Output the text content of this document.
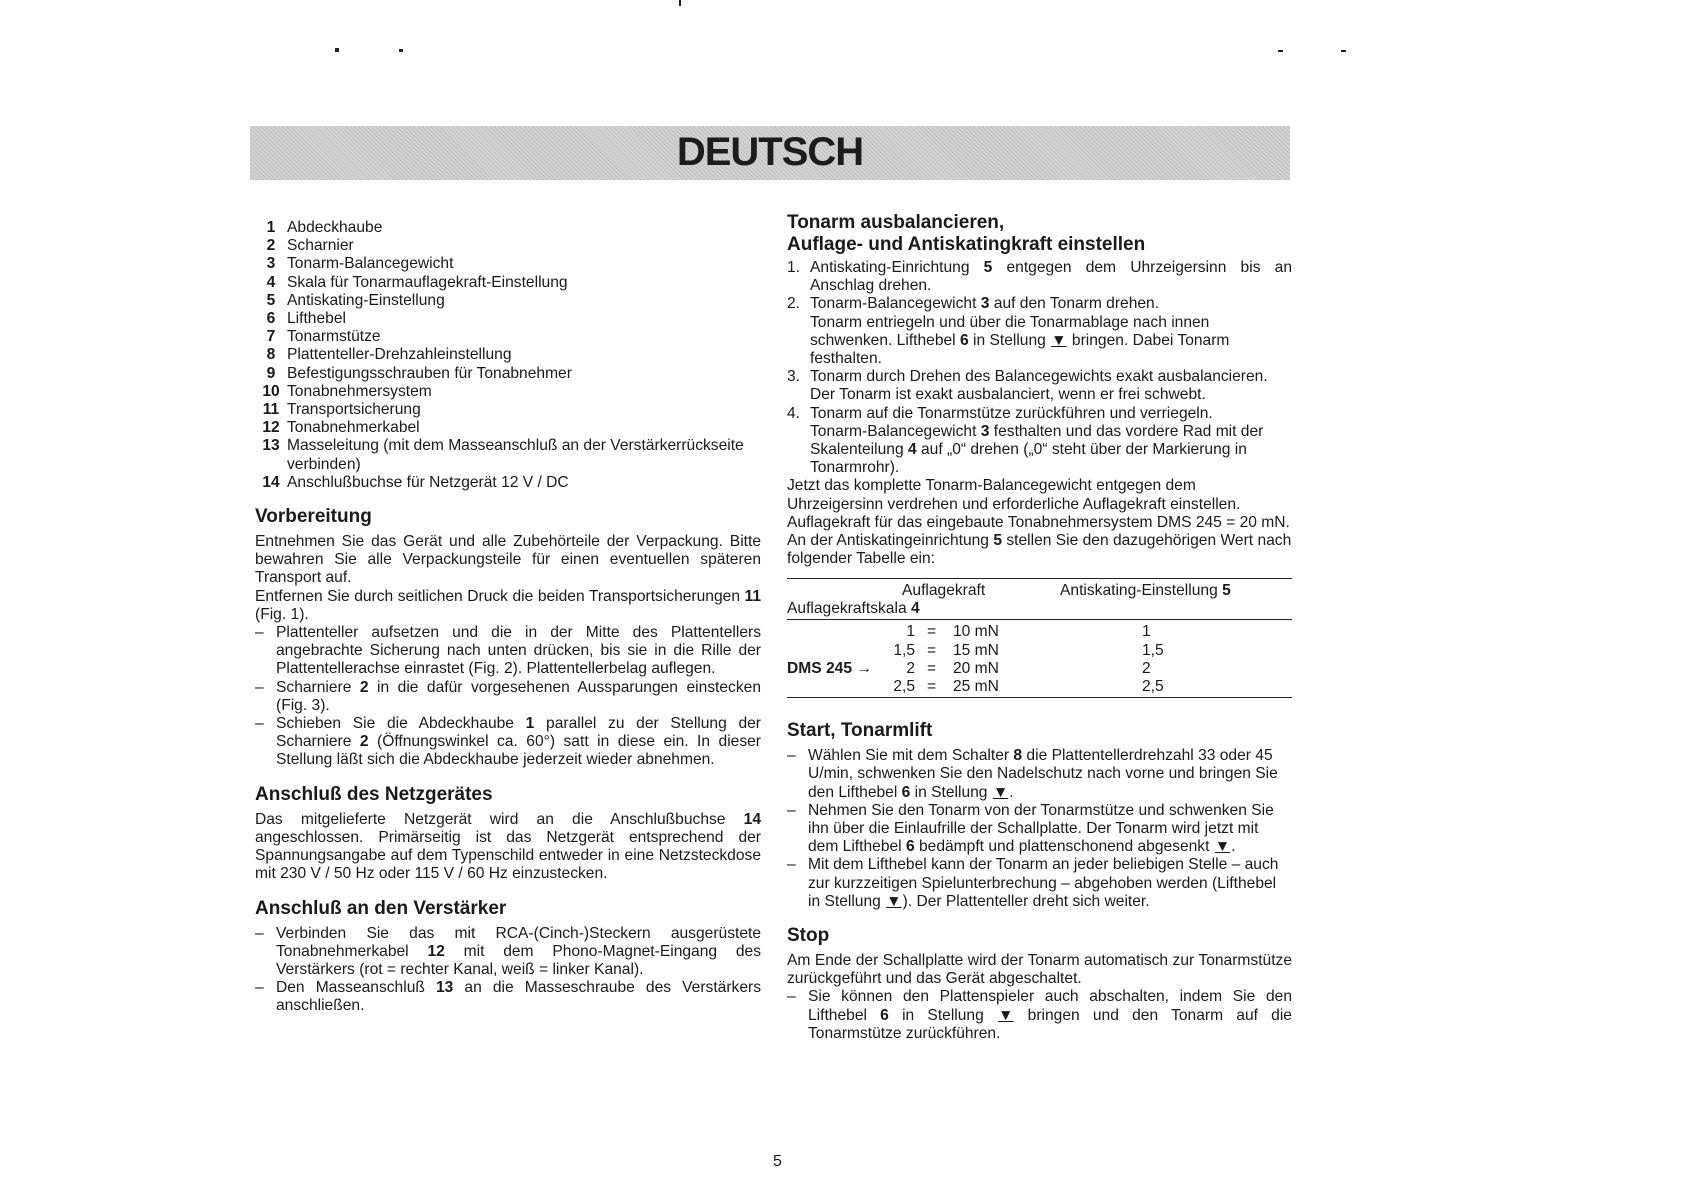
DEUTSCH
1 Abdeckhaube
2 Scharnier
3 Tonarm-Balancegewicht
4 Skala für Tonarmauflagekraft-Einstellung
5 Antiskating-Einstellung
6 Lifthebel
7 Tonarmstütze
8 Plattenteller-Drehzahleinstellung
9 Befestigungsschrauben für Tonabnehmer
10 Tonabnehmersystem
11 Transportsicherung
12 Tonabnehmerkabel
13 Masseleitung (mit dem Masseanschluß an der Verstärkerrückseite verbinden)
14 Anschlußbuchse für Netzgerät 12 V / DC
Vorbereitung

Entnehmen Sie das Gerät und alle Zubehörteile der Verpackung. Bitte bewahren Sie alle Verpackungsteile für einen eventuellen späteren Transport auf.

Entfernen Sie durch seitlichen Druck die beiden Transportsicherungen 11 (Fig. 1).

– Plattenteller aufsetzen und die in der Mitte des Plattentellers angebrachte Sicherung nach unten drücken, bis sie in die Rille der Plattentellerachse einrastet (Fig. 2). Plattentellerbelag auflegen.
– Scharniere 2 in die dafür vorgesehenen Aussparungen einstecken (Fig. 3).
– Schieben Sie die Abdeckhaube 1 parallel zu der Stellung der Scharniere 2 (Öffnungswinkel ca. 60°) satt in diese ein. In dieser Stellung läßt sich die Abdeckhaube jederzeit wieder abnehmen.
Anschluß des Netzgerätes

Das mitgelieferte Netzgerät wird an die Anschlußbuchse 14 angeschlossen. Primärseitig ist das Netzgerät entsprechend der Spannungsangabe auf dem Typenschild entweder in eine Netzsteckdose mit 230 V / 50 Hz oder 115 V / 60 Hz einzustecken.

Anschluß an den Verstärker
– Verbinden Sie das mit RCA-(Cinch-)Steckern ausgerüstete Tonabnehmerkabel 12 mit dem Phono-Magnet-Eingang des Verstärkers (rot = rechter Kanal, weiß = linker Kanal).
– Den Masseanschluß 13 an die Masseschraube des Verstärkers anschließen.
Tonarm ausbalancieren,
Auflage- und Antiskatingkraft einstellen
1. Antiskating-Einrichtung 5 entgegen dem Uhrzeigersinn bis an Anschlag drehen.
2. Tonarm-Balancegewicht 3 auf den Tonarm drehen.
Tonarm entriegeln und über die Tonarmablage nach innen schwenken. Lifthebel 6 in Stellung ▼ bringen. Dabei Tonarm festhalten.
3. Tonarm durch Drehen des Balancegewichts exakt ausbalancieren.
Der Tonarm ist exakt ausbalanciert, wenn er frei schwebt.
4. Tonarm auf die Tonarmstütze zurückführen und verriegeln.
Tonarm-Balancegewicht 3 festhalten und das vordere Rad mit der Skalenteilung 4 auf „0“ drehen („0“ steht über der Markierung in Tonarmrohr).

Jetzt das komplette Tonarm-Balancegewicht entgegen dem Uhrzeigersinn verdrehen und erforderliche Auflagekraft einstellen. Auflagekraft für das eingebaute Tonabnehmersystem DMS 245 = 20 mN.

An der Antiskatingeinrichtung 5 stellen Sie den dazugehörigen Wert nach folgender Tabelle ein:

Auflagekraft
Auflagekraftskala 4
Antiskating-Einstellung 5
1 = 10 mN	1
1,5 = 15 mN	1,5
DMS 245 →	2 = 20 mN	2
2,5 = 25 mN	2,5
Start, Tonarmlift
– Wählen Sie mit dem Schalter 8 die Plattentellerdrehzahl 33 oder 45 U/min, schwenken Sie den Nadelschutz nach vorne und bringen Sie den Lifthebel 6 in Stellung ▼.
– Nehmen Sie den Tonarm von der Tonarmstütze und schwenken Sie ihn über die Einlaufrille der Schallplatte. Der Tonarm wird jetzt mit dem Lifthebel 6 bedämpft und plattenschonend abgesenkt ▼.
– Mit dem Lifthebel kann der Tonarm an jeder beliebigen Stelle – auch zur kurzzeitigen Spielunterbrechung – abgehoben werden (Lifthebel in Stellung ▼). Der Plattenteller dreht sich weiter.
Stop

Am Ende der Schallplatte wird der Tonarm automatisch zur Tonarmstütze zurückgeführt und das Gerät abgeschaltet.

– Sie können den Plattenspieler auch abschalten, indem Sie den Lifthebel 6 in Stellung ▼ bringen und den Tonarm auf die Tonarmstütze zurückführen.
5
